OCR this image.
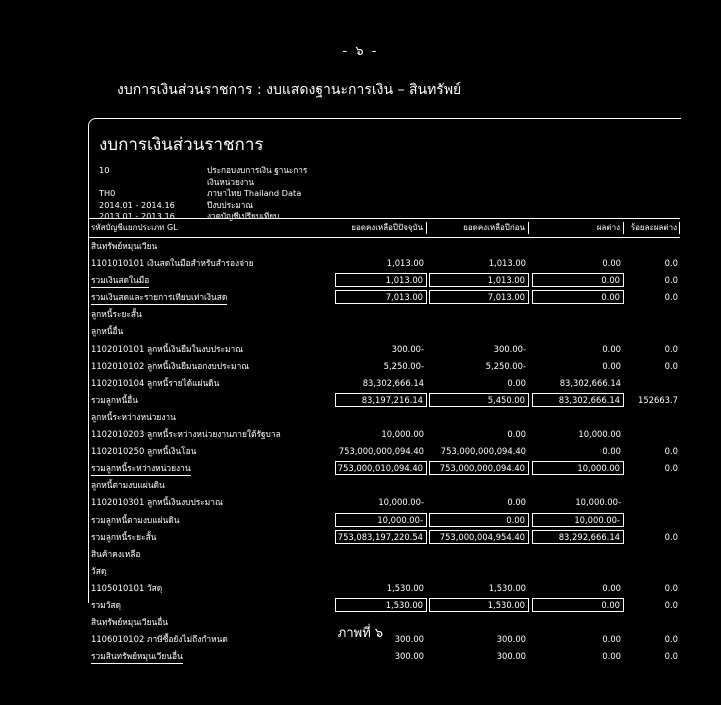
- ๖ -
งบการเงินส่วนราชการ : งบแสดงฐานะการเงิน – สินทรัพย์
งบการเงินส่วนราชการ
10	ประกอบงบการเงิน ฐานะการเงินหน่วยงาน
TH0	ภาษาไทย Thailand Data
2014.01 - 2014.16	ปีงบประมาณ
2013.01 - 2013.16	งวดบัญชีเปรียบเทียบ
รหัสบัญชีแยกประเภท GL	ยอดคงเหลือปีปัจจุบัน	ยอดคงเหลือปีก่อน	ผลต่าง	ร้อยละผลต่าง
สินทรัพย์หมุนเวียน
1101010101 เงินสดในมือสำหรับสำรองจ่าย	1,013.00	1,013.00	0.00	0.0
รวมเงินสดในมือ	1,013.00	1,013.00	0.00	0.0
รวมเงินสดและรายการเทียบเท่าเงินสด	7,013.00	7,013.00	0.00	0.0
ลูกหนี้ระยะสั้น
ลูกหนี้อื่น
1102010101 ลูกหนี้เงินยืมในงบประมาณ	300.00-	300.00-	0.00	0.0
1102010102 ลูกหนี้เงินยืมนอกงบประมาณ	5,250.00-	5,250.00-	0.00	0.0
1102010104 ลูกหนี้รายได้แผ่นดิน	83,302,666.14	0.00	83,302,666.14
รวมลูกหนี้อื่น	83,197,216.14	5,450.00	83,302,666.14	152663.7
ลูกหนี้ระหว่างหน่วยงาน
1102010203 ลูกหนี้ระหว่างหน่วยงานภายใต้รัฐบาล	10,000.00	0.00	10,000.00
1102010250 ลูกหนี้เงินโอน	753,000,000,094.40	753,000,000,094.40	0.00	0.0
รวมลูกหนี้ระหว่างหน่วยงาน	753,000,010,094.40	753,000,000,094.40	10,000.00	0.0
ลูกหนี้ตามงบแผ่นดิน
1102010301 ลูกหนี้เงินงบประมาณ	10,000.00-	0.00	10,000.00-
รวมลูกหนี้ตามงบแผ่นดิน	10,000.00-	0.00	10,000.00-
รวมลูกหนี้ระยะสั้น	753,083,197,220.54	753,000,004,954.40	83,292,666.14	0.0
สินค้าคงเหลือ
วัสดุ
1105010101 วัสดุ	1,530.00	1,530.00	0.00	0.0
รวมวัสดุ	1,530.00	1,530.00	0.00	0.0
สินทรัพย์หมุนเวียนอื่น
1106010102 ภาษีซื้อยังไม่ถึงกำหนด	300.00	300.00	0.00	0.0
รวมสินทรัพย์หมุนเวียนอื่น	300.00	300.00	0.00	0.0
ภาพที่ ๖
